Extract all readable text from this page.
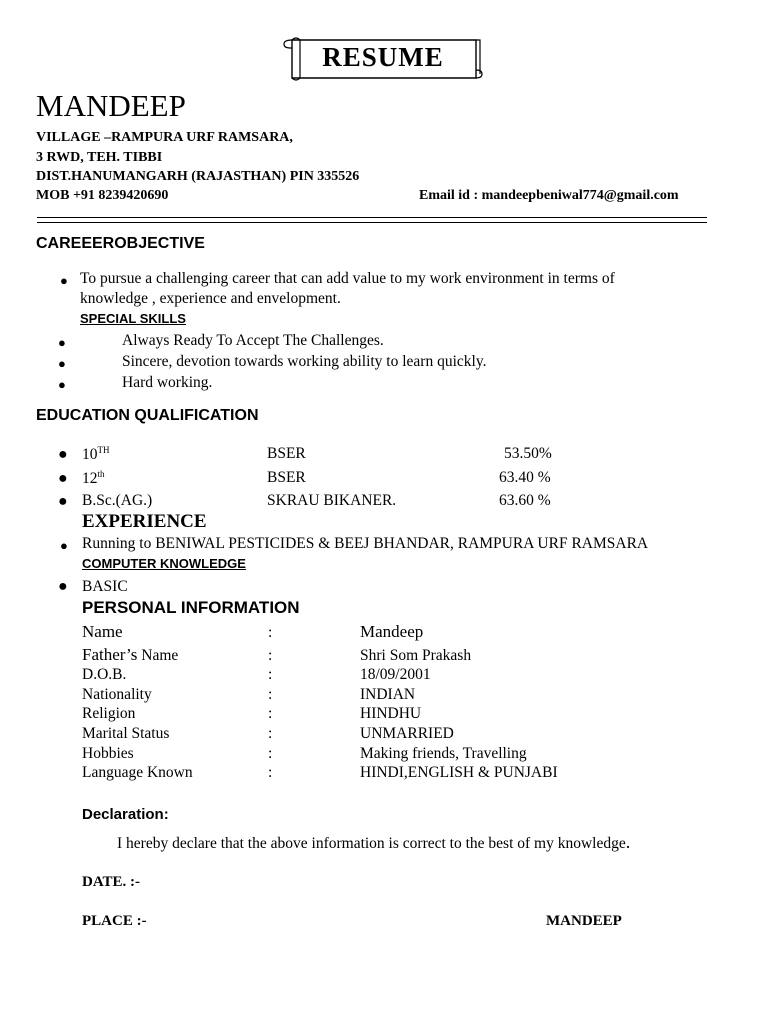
RESUME
MANDEEP
VILLAGE –RAMPURA URF RAMSARA,
3 RWD, TEH. TIBBI
DIST.HANUMANGARH (RAJASTHAN) PIN 335526
MOB +91 8239420690	Email id : mandeepbeniwal774@gmail.com
CAREEEROBJECTIVE
● To pursue a challenging career that can add value to my work environment in terms of
knowledge , experience and envelopment.
SPECIAL SKILLS
●	Always Ready To Accept The Challenges.
●	Sincere, devotion towards working ability to learn quickly.
●	Hard working.
EDUCATION QUALIFICATION
● 10TH	BSER	53.50%
● 12th	BSER	63.40 %
● B.Sc.(AG.)	SKRAU BIKANER.	63.60 %
EXPERIENCE
● Running to BENIWAL PESTICIDES & BEEJ BHANDAR, RAMPURA URF RAMSARA
COMPUTER KNOWLEDGE
● BASIC
PERSONAL INFORMATION
Name	:	Mandeep
Father’s Name	:	Shri Som Prakash
D.O.B.	:	18/09/2001
Nationality	:	INDIAN
Religion	:	HINDHU
Marital Status	:	UNMARRIED
Hobbies	:	Making friends, Travelling
Language Known	:	HINDI,ENGLISH & PUNJABI
Declaration:
I hereby declare that the above information is correct to the best of my knowledge.
DATE. :-
PLACE :-	MANDEEP
